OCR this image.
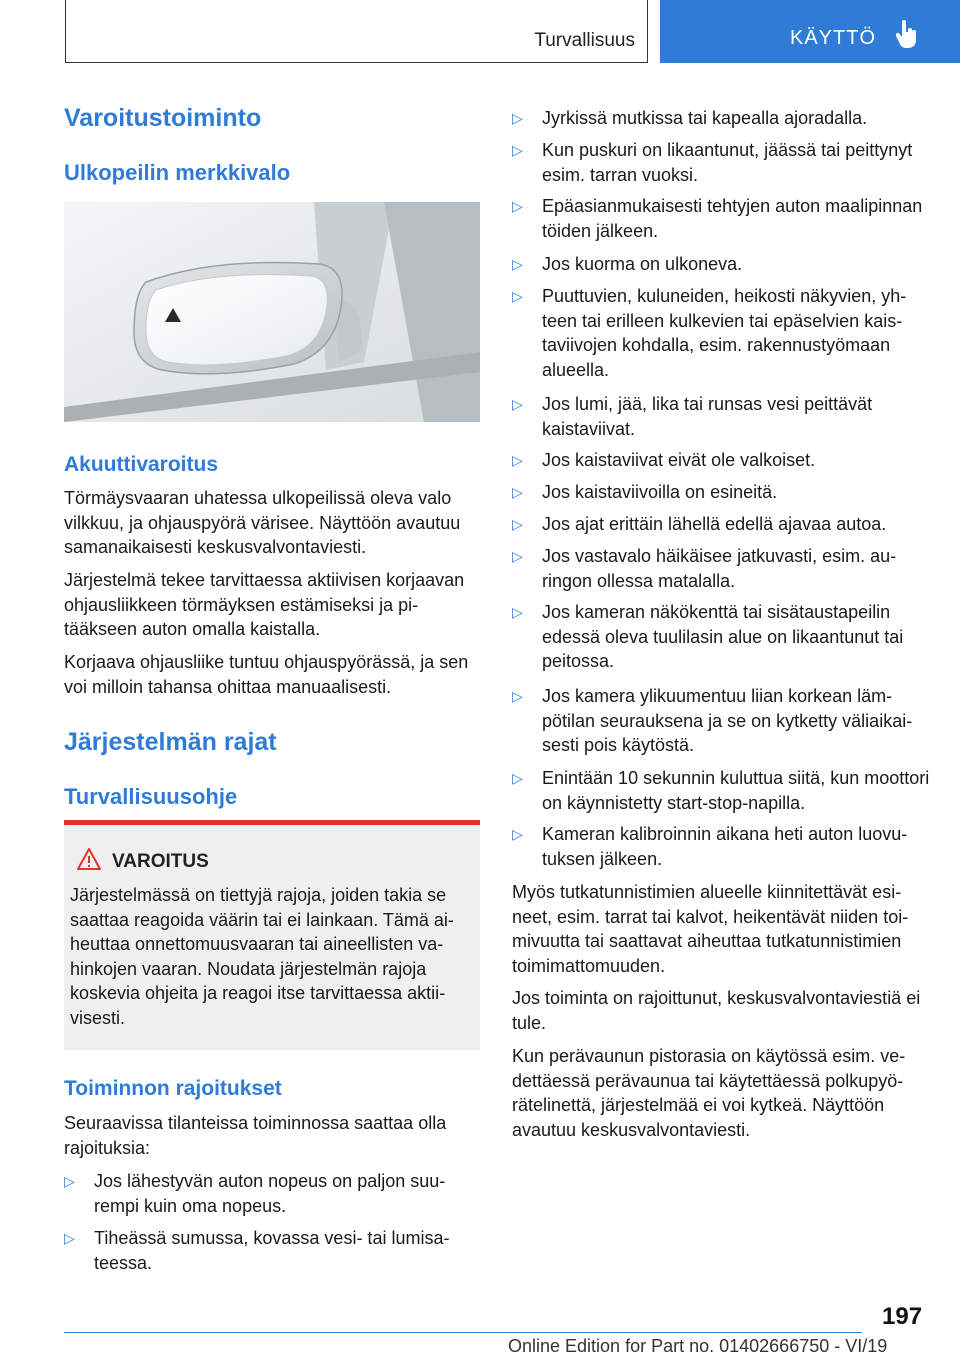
Turvallisuus	KÄYTTÖ
Varoitustoiminto
Ulkopeilin merkkivalo
Akuuttivaroitus

Törmäysvaaran uhatessa ulkopeilissä oleva valo vilkkuu, ja ohjauspyörä värisee. Näyttöön avautuu samanaikaisesti keskusvalvontaviesti.

Järjestelmä tekee tarvittaessa aktiivisen korjaavan ohjausliikkeen törmäyksen estämiseksi ja pitääkseen auton omalla kaistalla.

Korjaava ohjausliike tuntuu ohjauspyörässä, ja sen voi milloin tahansa ohittaa manuaalisesti.

Järjestelmän rajat
Turvallisuusohje
VAROITUS
Järjestelmässä on tiettyjä rajoja, joiden takia se saattaa reagoida väärin tai ei lainkaan. Tämä aiheuttaa onnettomuusvaaran tai aineellisten vahinkojen vaaran. Noudata järjestelmän rajoja koskevia ohjeita ja reagoi itse tarvittaessa aktiivisesti.
Toiminnon rajoitukset

Seuraavissa tilanteissa toiminnossa saattaa olla rajoituksia:

▷ Jos lähestyvän auton nopeus on paljon suurempi kuin oma nopeus.
▷ Tiheässä sumussa, kovassa vesi- tai lumisateessa.
▷ Jyrkissä mutkissa tai kapealla ajoradalla.
▷ Kun puskuri on likaantunut, jäässä tai peittynyt esim. tarran vuoksi.
▷ Epäasianmukaisesti tehtyjen auton maalipinnan töiden jälkeen.
▷ Jos kuorma on ulkoneva.
▷ Puuttuvien, kuluneiden, heikosti näkyvien, yhteen tai erilleen kulkevien tai epäselvien kaistaviivojen kohdalla, esim. rakennustyömaan alueella.
▷ Jos lumi, jää, lika tai runsas vesi peittävät kaistaviivat.
▷ Jos kaistaviivat eivät ole valkoiset.
▷ Jos kaistaviivoilla on esineitä.
▷ Jos ajat erittäin lähellä edellä ajavaa autoa.
▷ Jos vastavalo häikäisee jatkuvasti, esim. auringon ollessa matalalla.
▷ Jos kameran näkökenttä tai sisätaustapeilin edessä oleva tuulilasin alue on likaantunut tai peitossa.
▷ Jos kamera ylikuumentuu liian korkean lämpötilan seurauksena ja se on kytketty väliaikaisesti pois käytöstä.
▷ Enintään 10 sekunnin kuluttua siitä, kun moottori on käynnistetty start-stop-napilla.
▷ Kameran kalibroinnin aikana heti auton luovutuksen jälkeen.

Myös tutkatunnistimien alueelle kiinnitettävät esineet, esim. tarrat tai kalvot, heikentävät niiden toimivuutta tai saattavat aiheuttaa tutkatunnistimien toimimattomuuden.

Jos toiminta on rajoittunut, keskusvalvontaviestiä ei tule.

Kun perävaunun pistorasia on käytössä esim. vedettäessä perävaunua tai käytettäessä polkupyörätelinettä, järjestelmää ei voi kytkeä. Näyttöön avautuu keskusvalvontaviesti.

197
Online Edition for Part no. 01402666750 - VI/19
